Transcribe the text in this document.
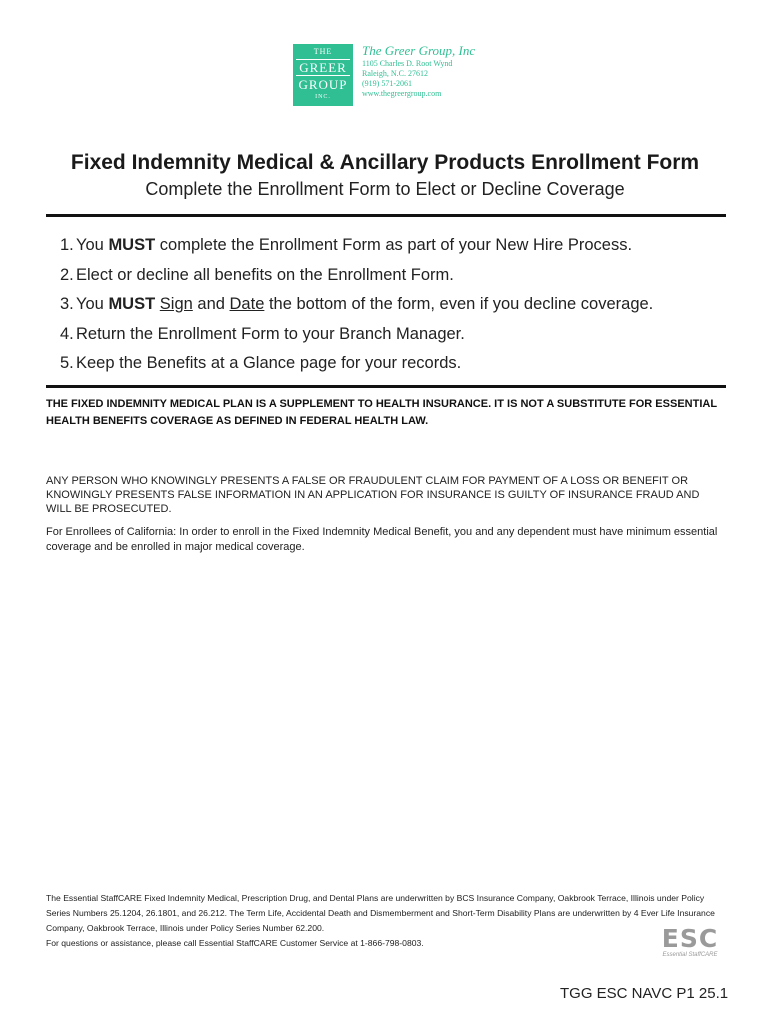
THE
GREER
GROUP
INC.
The Greer Group, Inc
1105 Charles D. Root Wynd
Raleigh, N.C. 27612
(919) 571-2061
www.thegreergroup.com
Fixed Indemnity Medical & Ancillary Products Enrollment Form
Complete the Enrollment Form to Elect or Decline Coverage
1. You MUST complete the Enrollment Form as part of your New Hire Process.
2. Elect or decline all benefits on the Enrollment Form.
3. You MUST Sign and Date the bottom of the form, even if you decline coverage.
4. Return the Enrollment Form to your Branch Manager.
5. Keep the Benefits at a Glance page for your records.
THE FIXED INDEMNITY MEDICAL PLAN IS A SUPPLEMENT TO HEALTH INSURANCE. IT IS NOT A SUBSTITUTE FOR ESSENTIAL HEALTH BENEFITS COVERAGE AS DEFINED IN FEDERAL HEALTH LAW.
ANY PERSON WHO KNOWINGLY PRESENTS A FALSE OR FRAUDULENT CLAIM FOR PAYMENT OF A LOSS OR BENEFIT OR KNOWINGLY PRESENTS FALSE INFORMATION IN AN APPLICATION FOR INSURANCE IS GUILTY OF INSURANCE FRAUD AND WILL BE PROSECUTED.
For Enrollees of California: In order to enroll in the Fixed Indemnity Medical Benefit, you and any dependent must have minimum essential coverage and be enrolled in major medical coverage.
The Essential StaffCARE Fixed Indemnity Medical, Prescription Drug, and Dental Plans are underwritten by BCS Insurance Company, Oakbrook Terrace, Illinois under Policy Series Numbers 25.1204, 26.1801, and 26.212. The Term Life, Accidental Death and Dismemberment and Short-Term Disability Plans are underwritten by 4 Ever Life Insurance Company, Oakbrook Terrace, Illinois under Policy Series Number 62.200.
For questions or assistance, please call Essential StaffCARE Customer Service at 1-866-798-0803.	ESC
Essential StaffCARE
TGG ESC NAVC P1 25.1
